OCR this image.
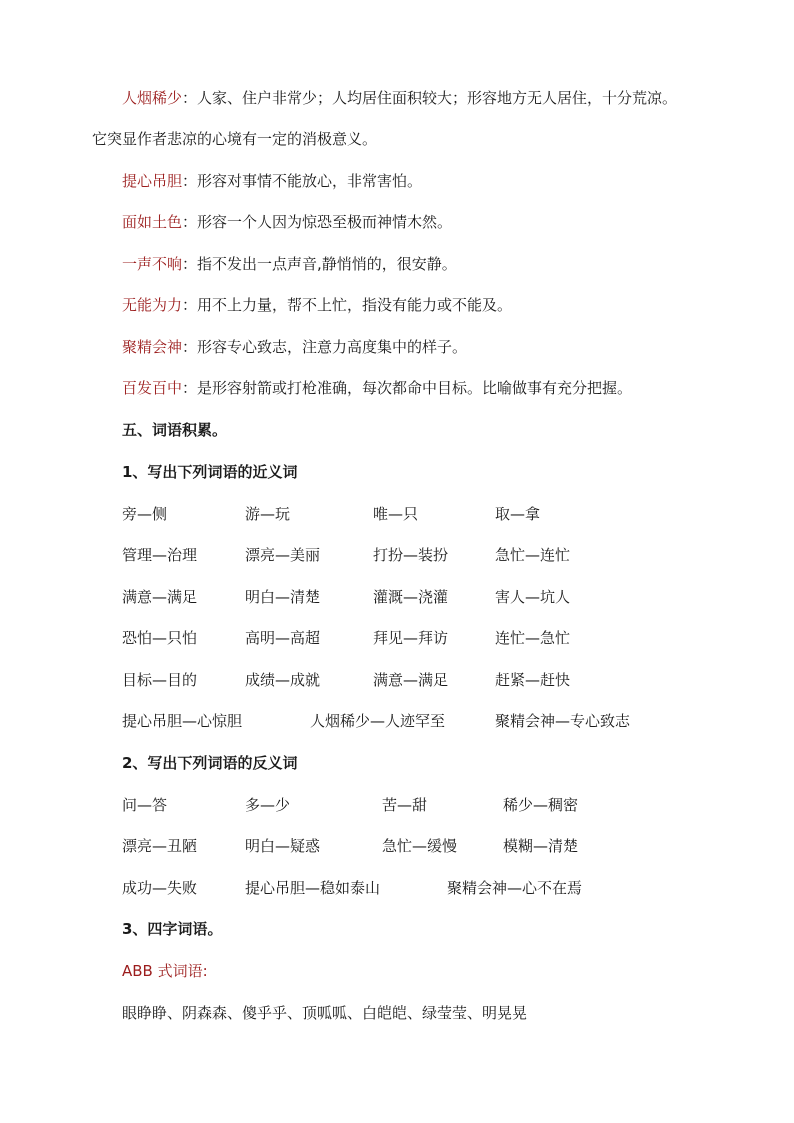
人烟稀少：人家、住户非常少；人均居住面积较大；形容地方无人居住，十分荒凉。
它突显作者悲凉的心境有一定的消极意义。
提心吊胆：形容对事情不能放心，非常害怕。
面如土色：形容一个人因为惊恐至极而神情木然。
一声不响：指不发出一点声音,静悄悄的，很安静。
无能为力：用不上力量，帮不上忙，指没有能力或不能及。
聚精会神：形容专心致志，注意力高度集中的样子。
百发百中：是形容射箭或打枪准确，每次都命中目标。比喻做事有充分把握。
五、词语积累。
1、写出下列词语的近义词
旁—侧	游—玩	唯—只	取—拿
管理—治理	漂亮—美丽	打扮—装扮	急忙—连忙
满意—满足	明白—清楚	灌溉—浇灌	害人—坑人
恐怕—只怕	高明—高超	拜见—拜访	连忙—急忙
目标—目的	成绩—成就	满意—满足	赶紧—赶快
提心吊胆—心惊胆	人烟稀少—人迹罕至	聚精会神—专心致志
2、写出下列词语的反义词
问—答	多—少	苦—甜	稀少—稠密
漂亮—丑陋	明白—疑惑	急忙—缓慢	模糊—清楚
成功—失败	提心吊胆—稳如泰山	聚精会神—心不在焉
3、四字词语。
ABB 式词语:
眼睁睁、阴森森、傻乎乎、顶呱呱、白皑皑、绿莹莹、明晃晃
